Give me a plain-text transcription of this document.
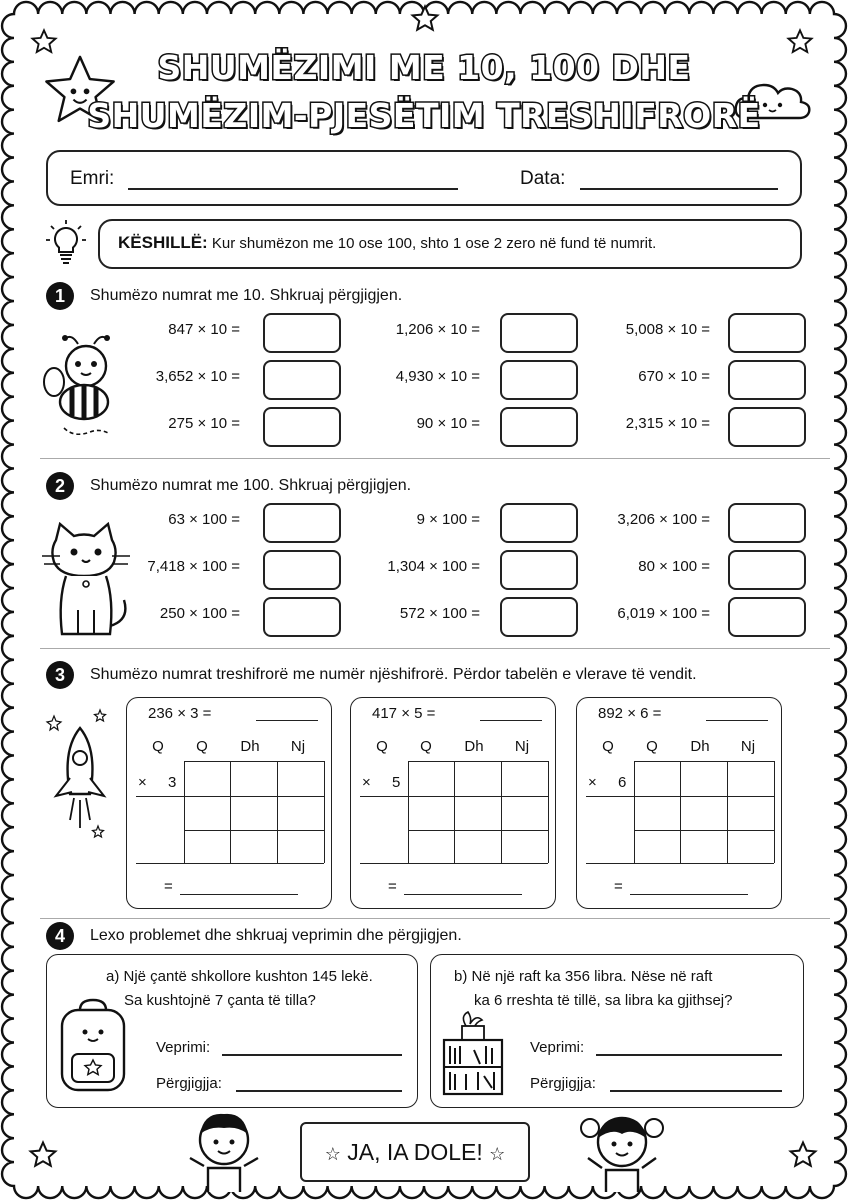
SHUMËZIMI ME 10, 100 DHE
SHUMËZIM-PJESËTIM TRESHIFRORË
Emri:	Data:
KËSHILLË: Kur shumëzon me 10 ose 100, shto 1 ose 2 zero në fund të numrit.
1	Shumëzo numrat me 10. Shkruaj përgjigjen.
847 × 10 =	1,206 × 10 =	5,008 × 10 =
3,652 × 10 =	4,930 × 10 =	670 × 10 =
275 × 10 =	90 × 10 =	2,315 × 10 =
2	Shumëzo numrat me 100. Shkruaj përgjigjen.
63 × 100 =	9 × 100 =	3,206 × 100 =
7,418 × 100 =	1,304 × 100 =	80 × 100 =
250 × 100 =	572 × 100 =	6,019 × 100 =
3	Shumëzo numrat treshifrorë me numër njëshifrorë. Përdor tabelën e vlerave të vendit.
236 × 3 =
Q	Q	Dh	Nj
× 3
=
417 × 5 =
Q	Q	Dh	Nj
× 5
=
892 × 6 =
Q	Q	Dh	Nj
× 6
=
4	Lexo problemet dhe shkruaj veprimin dhe përgjigjen.
a) Një çantë shkollore kushton 145 lekë.
Sa kushtojnë 7 çanta të tilla?
Veprimi:
Përgjigjja:
b) Në një raft ka 356 libra. Nëse në raft
ka 6 rreshta të tillë, sa libra ka gjithsej?
Veprimi:
Përgjigjja:
☆ JA, IA DOLE! ☆
